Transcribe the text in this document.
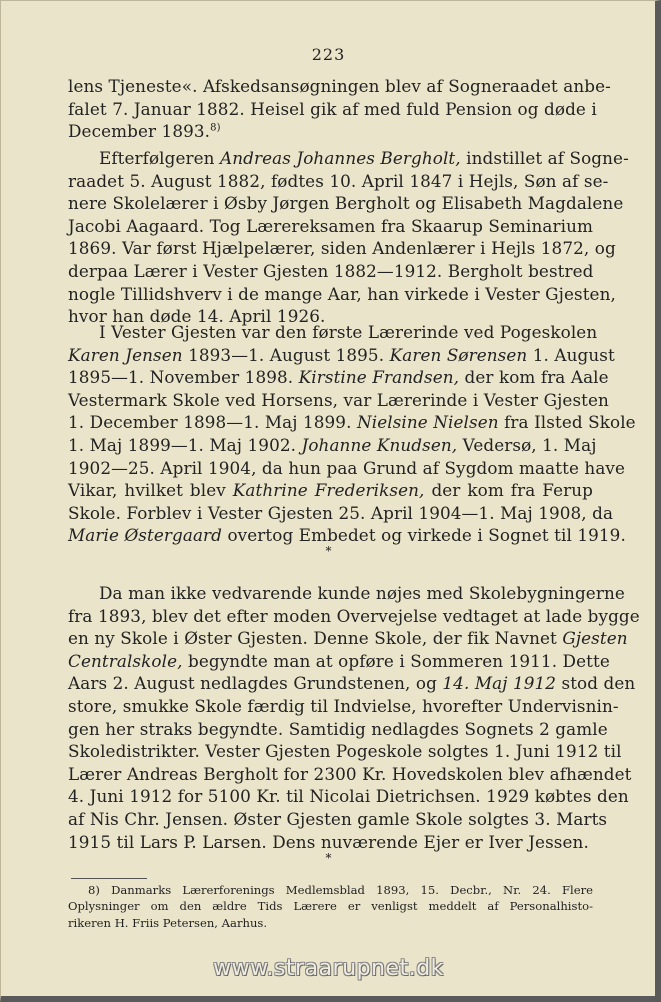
223
lens Tjeneste«. Afskedsansøgningen blev af Sogneraadet anbe-
falet 7. Januar 1882. Heisel gik af med fuld Pension og døde i
December 1893.$^{8)}$
Efterfølgeren Andreas Johannes Bergholt, indstillet af Sogne-
raadet 5. August 1882, fødtes 10. April 1847 i Hejls, Søn af se-
nere Skolelærer i Øsby Jørgen Bergholt og Elisabeth Magdalene
Jacobi Aagaard. Tog Lærereksamen fra Skaarup Seminarium
1869. Var først Hjælpelærer, siden Andenlærer i Hejls 1872, og
derpaa Lærer i Vester Gjesten 1882—1912. Bergholt bestred
nogle Tillidshverv i de mange Aar, han virkede i Vester Gjesten,
hvor han døde 14. April 1926.
I Vester Gjesten var den første Lærerinde ved Pogeskolen
Karen Jensen 1893—1. August 1895. Karen Sørensen 1. August
1895—1. November 1898. Kirstine Frandsen, der kom fra Aale
Vestermark Skole ved Horsens, var Lærerinde i Vester Gjesten
1. December 1898—1. Maj 1899. Nielsine Nielsen fra Ilsted Skole
1. Maj 1899—1. Maj 1902. Johanne Knudsen, Vedersø, 1. Maj
1902—25. April 1904, da hun paa Grund af Sygdom maatte have
Vikar, hvilket blev Kathrine Frederiksen, der kom fra Ferup
Skole. Forblev i Vester Gjesten 25. April 1904—1. Maj 1908, da
Marie Østergaard overtog Embedet og virkede i Sognet til 1919.
*
Da man ikke vedvarende kunde nøjes med Skolebygningerne
fra 1893, blev det efter moden Overvejelse vedtaget at lade bygge
en ny Skole i Øster Gjesten. Denne Skole, der fik Navnet Gjesten
Centralskole, begyndte man at opføre i Sommeren 1911. Dette
Aars 2. August nedlagdes Grundstenen, og 14. Maj 1912 stod den
store, smukke Skole færdig til Indvielse, hvorefter Undervisnin-
gen her straks begyndte. Samtidig nedlagdes Sognets 2 gamle
Skoledistrikter. Vester Gjesten Pogeskole solgtes 1. Juni 1912 til
Lærer Andreas Bergholt for 2300 Kr. Hovedskolen blev afhændet
4. Juni 1912 for 5100 Kr. til Nicolai Dietrichsen. 1929 købtes den
af Nis Chr. Jensen. Øster Gjesten gamle Skole solgtes 3. Marts
1915 til Lars P. Larsen. Dens nuværende Ejer er Iver Jessen.
*
8) Danmarks Lærerforenings Medlemsblad 1893, 15. Decbr., Nr. 24. Flere
Oplysninger om den ældre Tids Lærere er venligst meddelt af Personalhisto-
rikeren H. Friis Petersen, Aarhus.
www.straarupnet.dk
